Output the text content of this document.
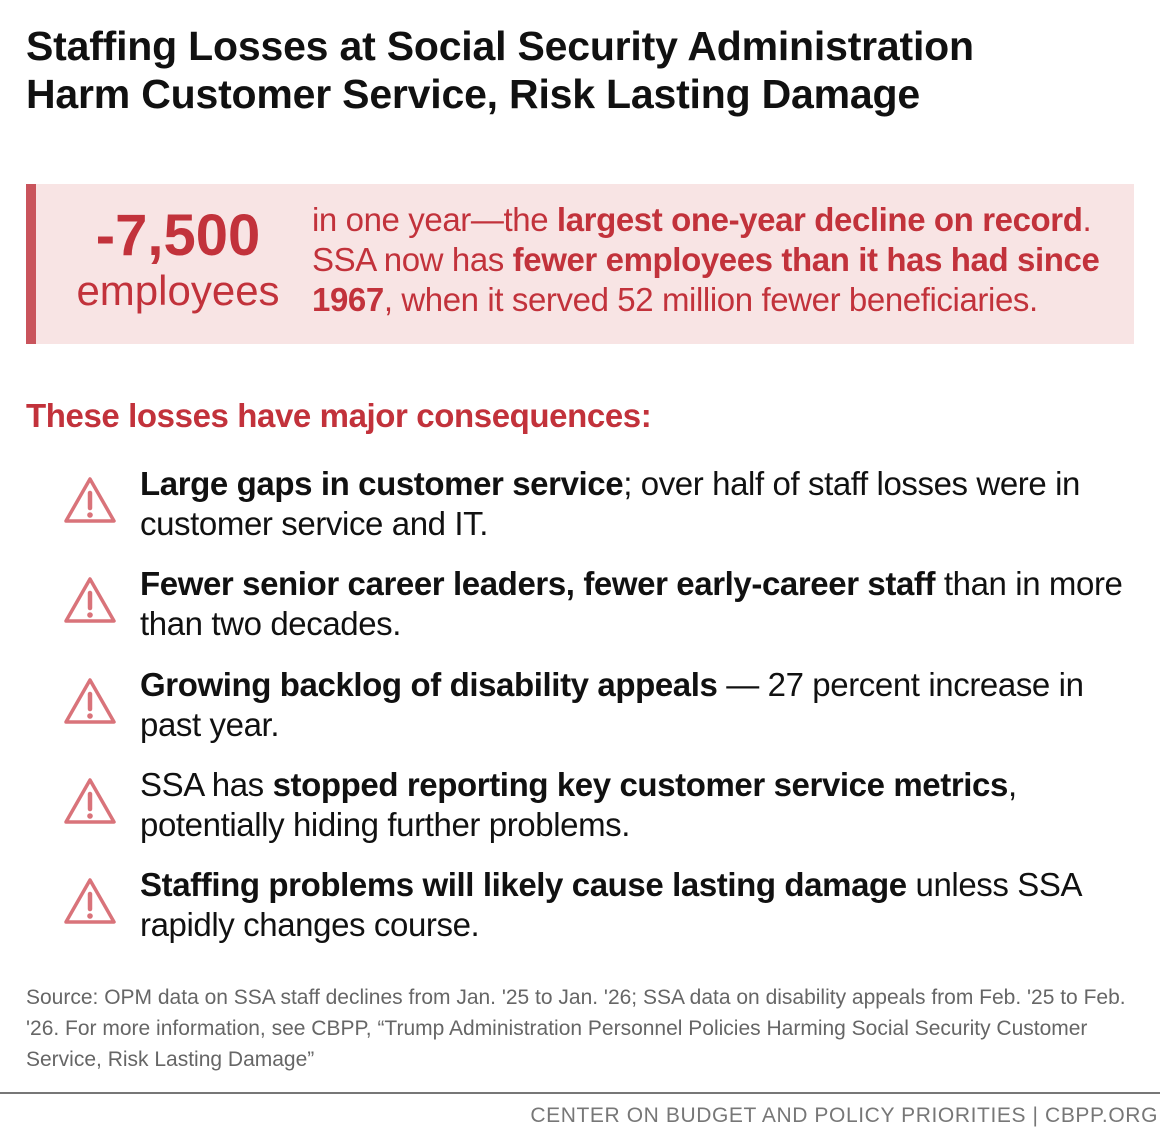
Staffing Losses at Social Security Administration
Harm Customer Service, Risk Lasting Damage
-7,500
employees
in one year—the largest one-year decline on record. SSA now has fewer employees than it has had since 1967, when it served 52 million fewer beneficiaries.
These losses have major consequences:
Large gaps in customer service; over half of staff losses were in customer service and IT.
Fewer senior career leaders, fewer early-career staff than in more than two decades.
Growing backlog of disability appeals — 27 percent increase in past year.
SSA has stopped reporting key customer service metrics, potentially hiding further problems.
Staffing problems will likely cause lasting damage unless SSA rapidly changes course.
Source: OPM data on SSA staff declines from Jan. '25 to Jan. '26; SSA data on disability appeals from Feb. '25 to Feb. '26. For more information, see CBPP, “Trump Administration Personnel Policies Harming Social Security Customer Service, Risk Lasting Damage”
CENTER ON BUDGET AND POLICY PRIORITIES | CBPP.ORG
